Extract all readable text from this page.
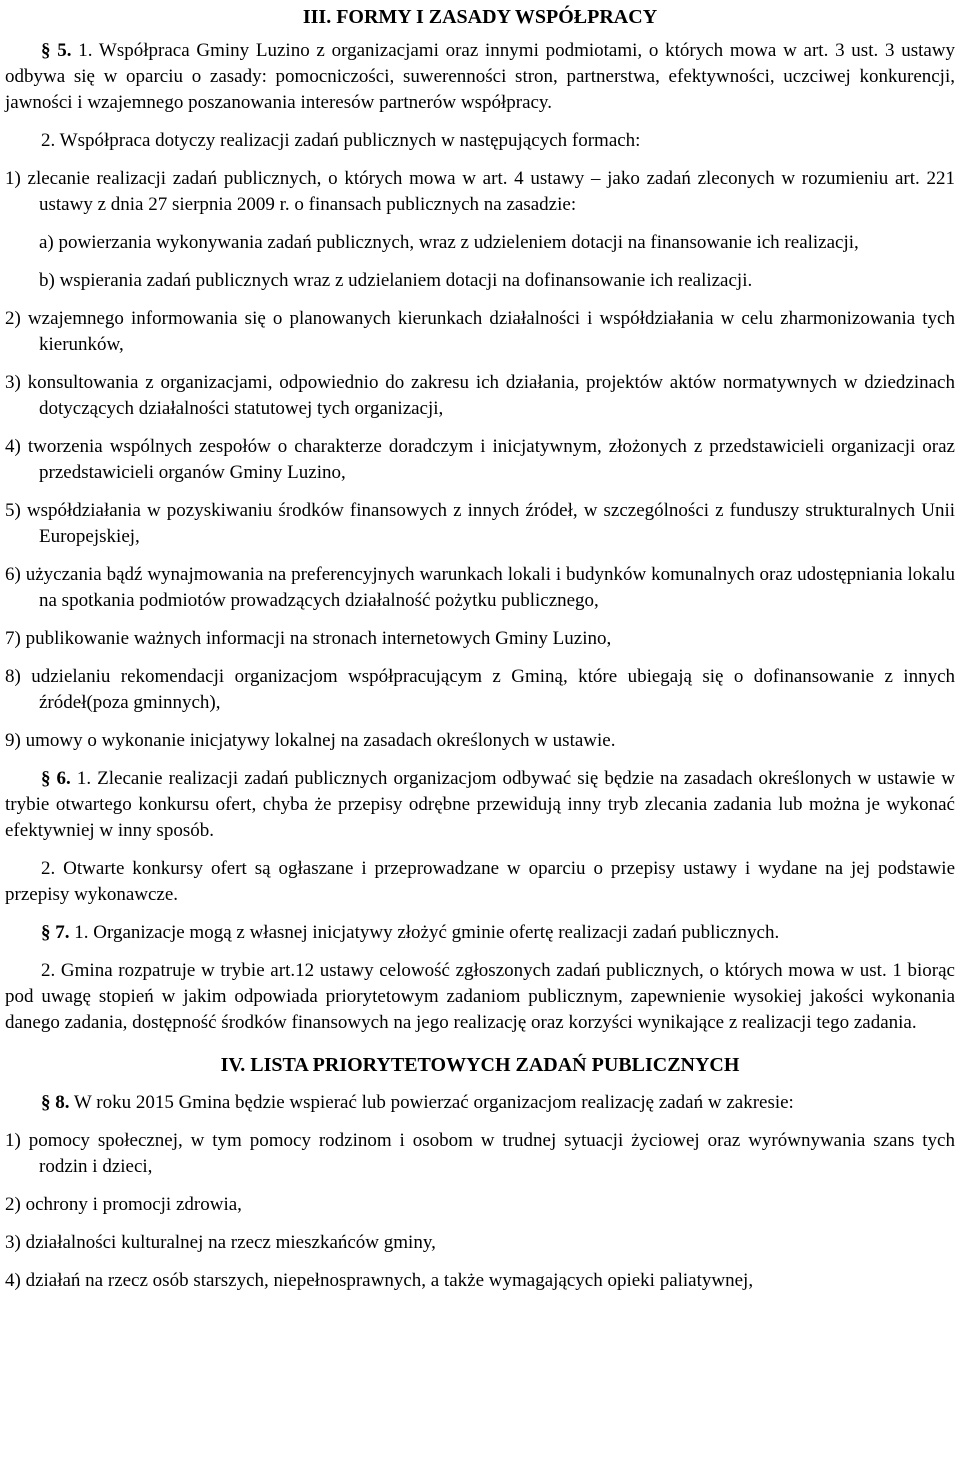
III. FORMY I ZASADY WSPÓŁPRACY

§ 5. 1. Współpraca Gminy Luzino z organizacjami oraz innymi podmiotami, o których mowa w art. 3 ust. 3 ustawy odbywa się w oparciu o zasady: pomocniczości, suwerenności stron, partnerstwa, efektywności, uczciwej konkurencji, jawności i wzajemnego poszanowania interesów partnerów współpracy.

2. Współpraca dotyczy realizacji zadań publicznych w następujących formach:

1) zlecanie realizacji zadań publicznych, o których mowa w art. 4 ustawy – jako zadań zleconych w rozumieniu art. 221 ustawy z dnia 27 sierpnia 2009 r. o finansach publicznych na zasadzie:

a) powierzania wykonywania zadań publicznych, wraz z udzieleniem dotacji na finansowanie ich realizacji,

b) wspierania zadań publicznych wraz z udzielaniem dotacji na dofinansowanie ich realizacji.

2) wzajemnego informowania się o planowanych kierunkach działalności i współdziałania w celu zharmonizowania tych kierunków,

3) konsultowania z organizacjami, odpowiednio do zakresu ich działania, projektów aktów normatywnych w dziedzinach dotyczących działalności statutowej tych organizacji,

4) tworzenia wspólnych zespołów o charakterze doradczym i inicjatywnym, złożonych z przedstawicieli organizacji oraz przedstawicieli organów Gminy Luzino,

5) współdziałania w pozyskiwaniu środków finansowych z innych źródeł, w szczególności z funduszy strukturalnych Unii Europejskiej,

6) użyczania bądź wynajmowania na preferencyjnych warunkach lokali i budynków komunalnych oraz udostępniania lokalu na spotkania podmiotów prowadzących działalność pożytku publicznego,

7) publikowanie ważnych informacji na stronach internetowych Gminy Luzino,

8) udzielaniu rekomendacji organizacjom współpracującym z Gminą, które ubiegają się o dofinansowanie z innych źródeł(poza gminnych),

9) umowy o wykonanie inicjatywy lokalnej na zasadach określonych w ustawie.

§ 6. 1. Zlecanie realizacji zadań publicznych organizacjom odbywać się będzie na zasadach określonych w ustawie w trybie otwartego konkursu ofert, chyba że przepisy odrębne przewidują inny tryb zlecania zadania lub można je wykonać efektywniej w inny sposób.

2. Otwarte konkursy ofert są ogłaszane i przeprowadzane w oparciu o przepisy ustawy i wydane na jej podstawie przepisy wykonawcze.

§ 7. 1. Organizacje mogą z własnej inicjatywy złożyć gminie ofertę realizacji zadań publicznych.

2. Gmina rozpatruje w trybie art.12 ustawy celowość zgłoszonych zadań publicznych, o których mowa w ust. 1 biorąc pod uwagę stopień w jakim odpowiada priorytetowym zadaniom publicznym, zapewnienie wysokiej jakości wykonania danego zadania, dostępność środków finansowych na jego realizację oraz korzyści wynikające z realizacji tego zadania.

IV. LISTA PRIORYTETOWYCH ZADAŃ PUBLICZNYCH

§ 8. W roku 2015 Gmina będzie wspierać lub powierzać organizacjom realizację zadań w zakresie:

1) pomocy społecznej, w tym pomocy rodzinom i osobom w trudnej sytuacji życiowej oraz wyrównywania szans tych rodzin i dzieci,

2) ochrony i promocji zdrowia,

3) działalności kulturalnej na rzecz mieszkańców gminy,

4) działań na rzecz osób starszych, niepełnosprawnych, a także wymagających opieki paliatywnej,
